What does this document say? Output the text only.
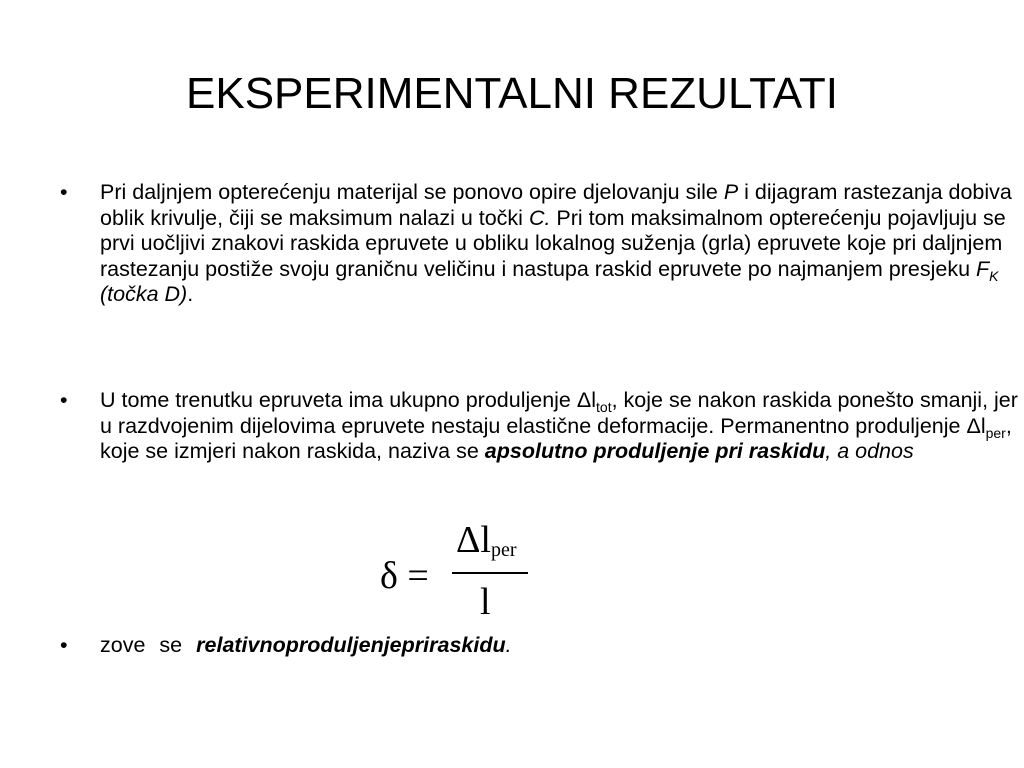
EKSPERIMENTALNI REZULTATI

•	Pri daljnjem opterećenju materijal se ponovo opire djelovanju sile P i dijagram rastezanja dobiva oblik krivulje, čiji se maksimum nalazi u točki C. Pri tom maksimalnom opterećenju pojavljuju se prvi uočljivi znakovi raskida epruvete u obliku lokalnog suženja (grla) epruvete koje pri daljnjem rastezanju postiže svoju graničnu veličinu i nastupa raskid epruvete po najmanjem presjeku $F_K$ (točka D).

•	U tome trenutku epruveta ima ukupno produljenje $\Delta l_{tot}$, koje se nakon raskida ponešto smanji, jer u razdvojenim dijelovima epruvete nestaju elastične deformacije. Permanentno produljenje $\Delta l_{per}$, koje se izmjeri nakon raskida, naziva se apsolutno produljenje pri raskidu, a odnos

•	zove se relativnoproduljenjepriraskidu.

δ =
$\Delta l_{per}$
l
